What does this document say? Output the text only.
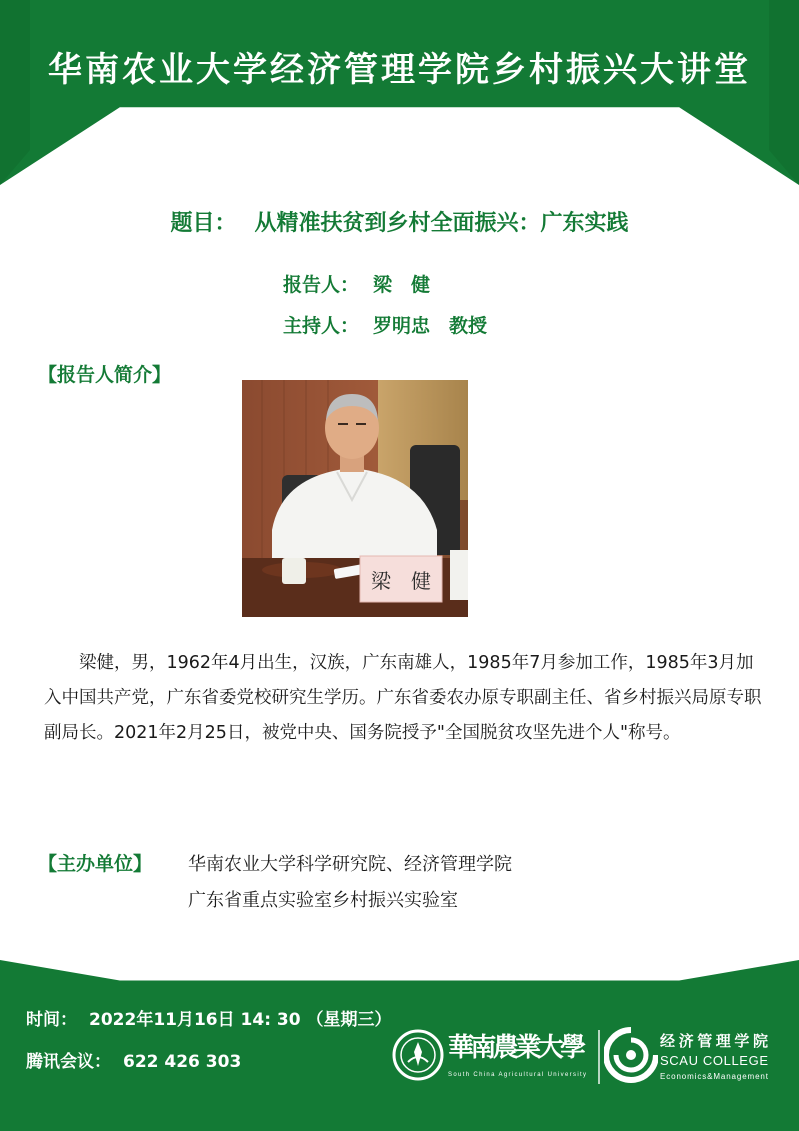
华南农业大学经济管理学院乡村振兴大讲堂
第二讲
题目： 从精准扶贫到乡村全面振兴：广东实践
报告人： 梁　健
主持人： 罗明忠　教授
【报告人简介】
梁　健
梁健，男，1962年4月出生，汉族，广东南雄人，1985年7月参加工作，1985年3月加入中国共产党，广东省委党校研究生学历。广东省委农办原专职副主任、省乡村振兴局原专职副局长。2021年2月25日，被党中央、国务院授予"全国脱贫攻坚先进个人"称号。
【主办单位】 华南农业大学科学研究院、经济管理学院
广东省重点实验室乡村振兴实验室
时间： 2022年11月16日 14: 30 （星期三）
腾讯会议： 622 426 303	華南農業大學
South China Agricultural University
经济管理学院
SCAU COLLEGE
Economics&Management
